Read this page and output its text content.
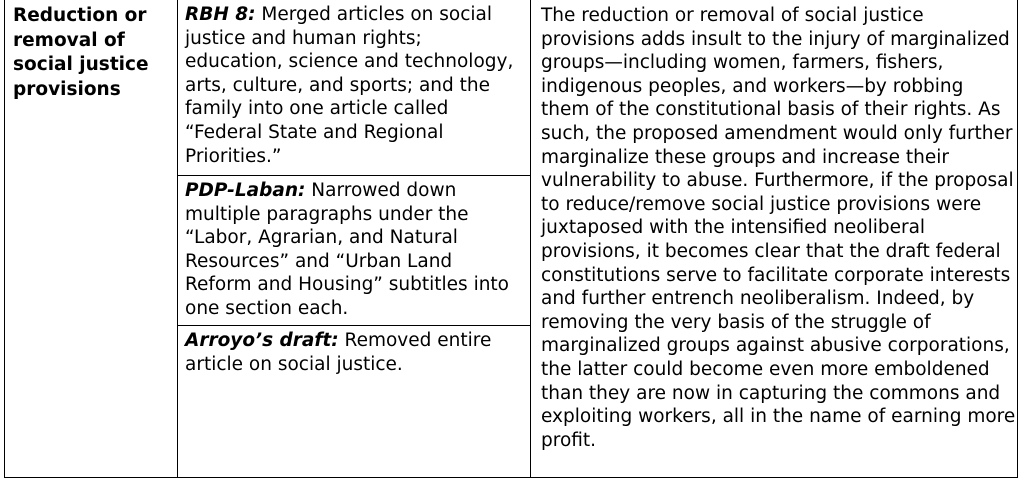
Reduction or removal of social justice provisions
RBH 8: Merged articles on social justice and human rights; education, science and technology, arts, culture, and sports; and the family into one article called “Federal State and Regional Priorities.”
PDP-Laban: Narrowed down multiple paragraphs under the “Labor, Agrarian, and Natural Resources” and “Urban Land Reform and Housing” subtitles into one section each.
Arroyo’s draft: Removed entire article on social justice.
The reduction or removal of social justice provisions adds insult to the injury of marginalized groups—including women, farmers, fishers, indigenous peoples, and workers—by robbing them of the constitutional basis of their rights. As such, the proposed amendment would only further marginalize these groups and increase their vulnerability to abuse. Furthermore, if the proposal to reduce/remove social justice provisions were juxtaposed with the intensified neoliberal provisions, it becomes clear that the draft federal constitutions serve to facilitate corporate interests and further entrench neoliberalism. Indeed, by removing the very basis of the struggle of marginalized groups against abusive corporations, the latter could become even more emboldened than they are now in capturing the commons and exploiting workers, all in the name of earning more profit.
